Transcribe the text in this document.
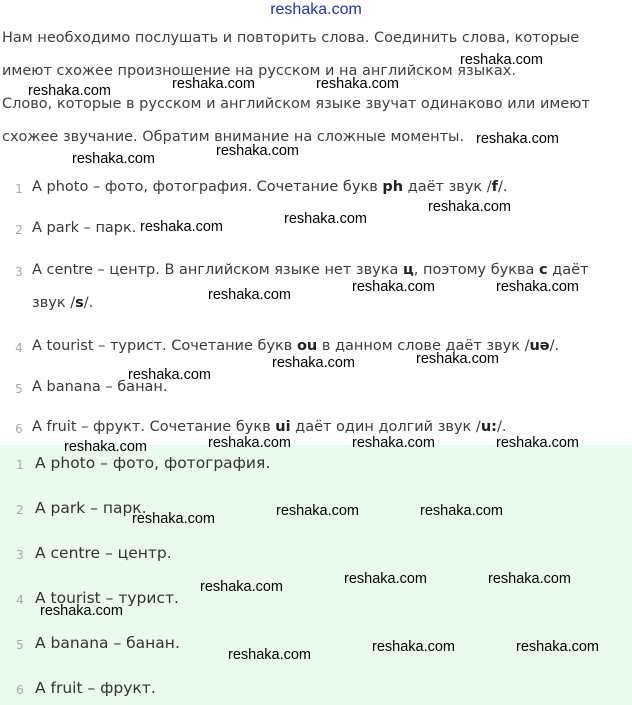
reshaka.com
Нам необходимо послушать и повторить слова. Соединить слова, которые
имеют схожее произношение на русском и на английском языках.
Слово, которые в русском и английском языке звучат одинаково или имеют
схожее звучание. Обратим внимание на сложные моменты.
1 A photo – фото, фотография. Сочетание букв ph даёт звук /f/.
2 A park – парк.
3 A centre – центр. В английском языке нет звука ц, поэтому буква c даёт
звук /s/.
4 A tourist – турист. Сочетание букв ou в данном слове даёт звук /uə/.
5 A banana – банан.
6 A fruit – фрукт. Сочетание букв ui даёт один долгий звук /u:/.
1 A photo – фото, фотография.
2 A park – парк.
3 A centre – центр.
4 A tourist – турист.
5 A banana – банан.
6 A fruit – фрукт.
reshaka.com
reshaka.com	reshaka.com	reshaka.com
reshaka.com
reshaka.com
reshaka.com
reshaka.com
reshaka.com
reshaka.com
reshaka.com	reshaka.com
reshaka.com
reshaka.com
reshaka.com
reshaka.com
reshaka.com	reshaka.com	reshaka.com
reshaka.com
reshaka.com	reshaka.com
reshaka.com
reshaka.com	reshaka.com
reshaka.com
reshaka.com
reshaka.com	reshaka.com
reshaka.com
